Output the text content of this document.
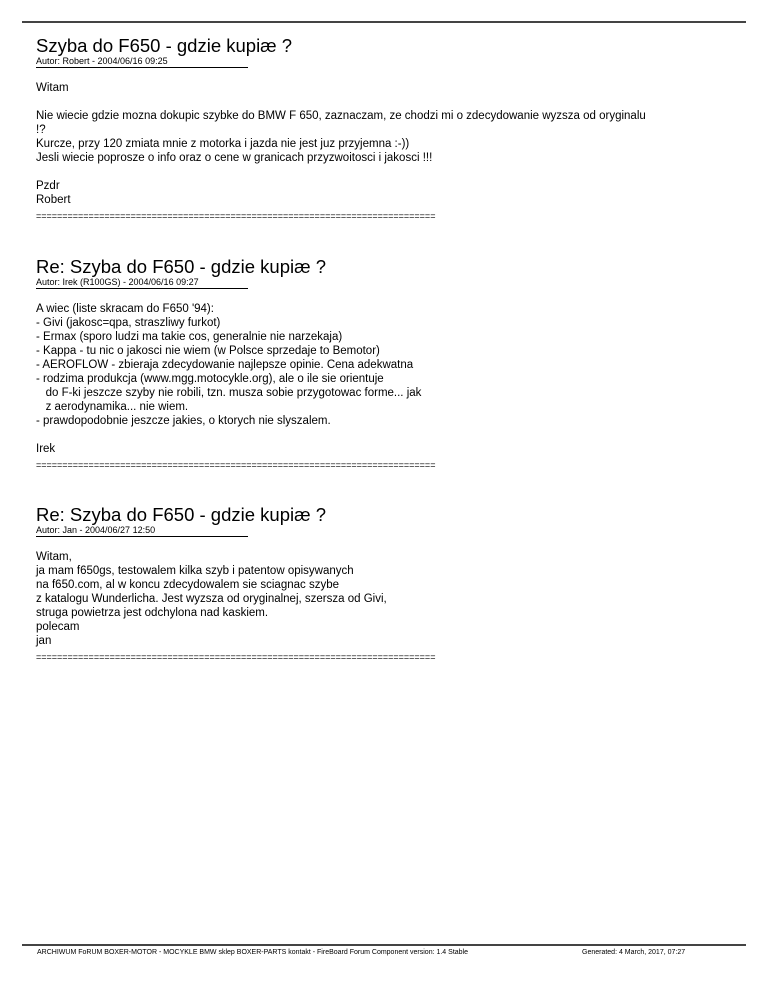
Szyba do F650 - gdzie kupiæ ?
Autor: Robert - 2004/06/16 09:25
Witam

Nie wiecie gdzie mozna dokupic szybke do BMW F 650, zaznaczam, ze chodzi mi o zdecydowanie wyzsza od oryginalu
!?
Kurcze, przy 120 zmiata mnie z motorka i jazda nie jest juz przyjemna :-))
Jesli wiecie poprosze o info oraz o cene w granicach przyzwoitosci i jakosci !!!

Pzdr
Robert
============================================================================
Re: Szyba do F650 - gdzie kupiæ ?
Autor: Irek (R100GS) - 2004/06/16 09:27
A wiec (liste skracam do F650 '94):
- Givi (jakosc=qpa, straszliwy furkot)
- Ermax (sporo ludzi ma takie cos, generalnie nie narzekaja)
- Kappa - tu nic o jakosci nie wiem (w Polsce sprzedaje to Bemotor)
- AEROFLOW - zbieraja zdecydowanie najlepsze opinie. Cena adekwatna
- rodzima produkcja (www.mgg.motocykle.org), ale o ile sie orientuje
do F-ki jeszcze szyby nie robili, tzn. musza sobie przygotowac forme... jak
z aerodynamika... nie wiem.
- prawdopodobnie jeszcze jakies, o ktorych nie slyszalem.

Irek
============================================================================
Re: Szyba do F650 - gdzie kupiæ ?
Autor: Jan - 2004/06/27 12:50
Witam,
ja mam f650gs, testowalem kilka szyb i patentow opisywanych
na f650.com, al w koncu zdecydowalem sie sciagnac szybe
z katalogu Wunderlicha. Jest wyzsza od oryginalnej, szersza od Givi,
struga powietrza jest odchylona nad kaskiem.
polecam
jan
============================================================================
ARCHIWUM FoRUM BOXER-MOTOR - MOCYKLE BMW sklep BOXER-PARTS kontakt - FireBoard Forum Component version: 1.4 Stable	Generated: 4 March, 2017, 07:27
